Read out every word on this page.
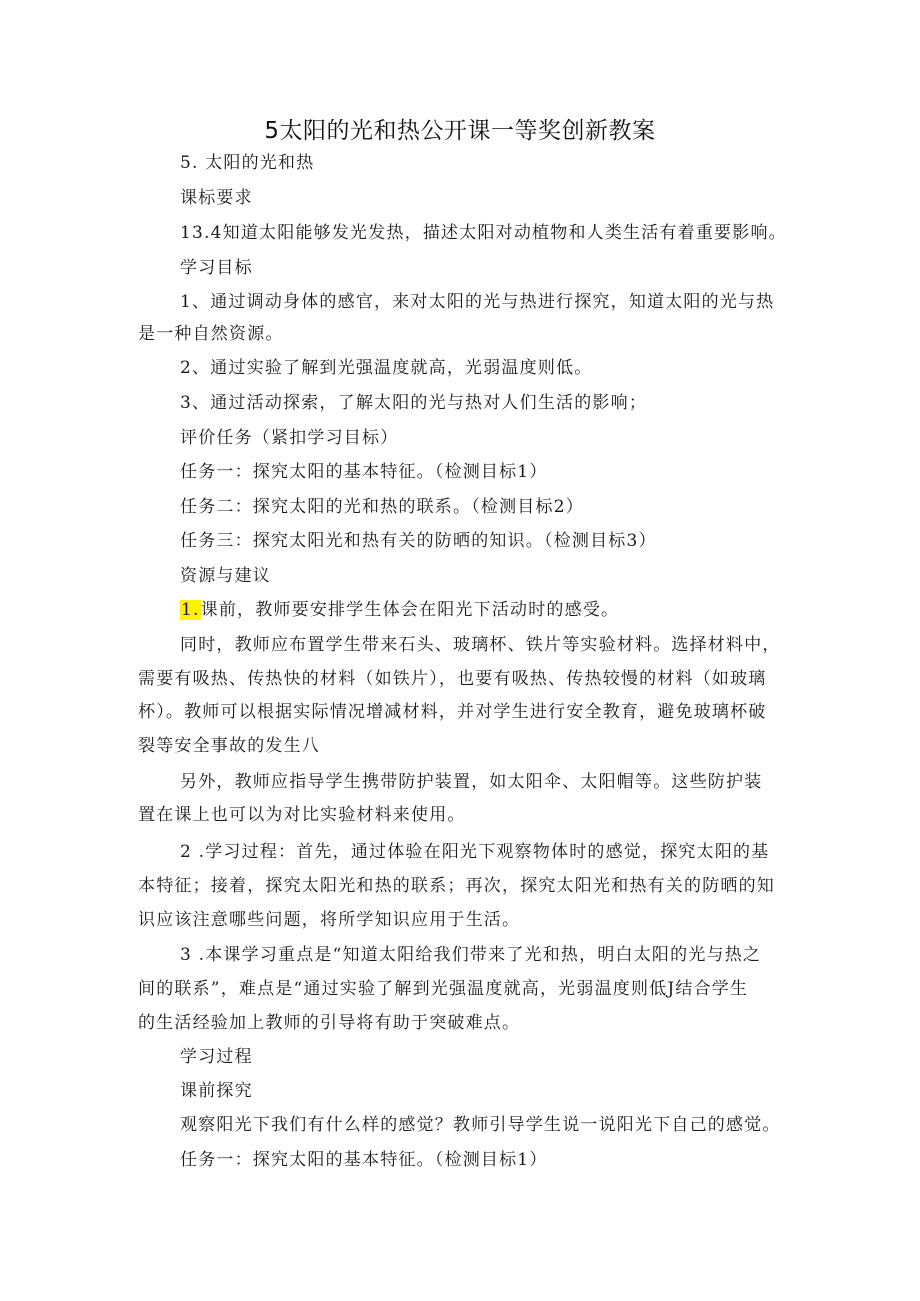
5太阳的光和热公开课一等奖创新教案
5. 太阳的光和热
课标要求
13.4知道太阳能够发光发热，描述太阳对动植物和人类生活有着重要影响。
学习目标
1、通过调动身体的感官，来对太阳的光与热进行探究，知道太阳的光与热
是一种自然资源。
2、通过实验了解到光强温度就高，光弱温度则低。
3、通过活动探索，了解太阳的光与热对人们生活的影响；
评价任务（紧扣学习目标）
任务一：探究太阳的基本特征。（检测目标1）
任务二：探究太阳的光和热的联系。（检测目标2）
任务三：探究太阳光和热有关的防晒的知识。（检测目标3）
资源与建议
1.课前，教师要安排学生体会在阳光下活动时的感受。
同时，教师应布置学生带来石头、玻璃杯、铁片等实验材料。选择材料中，
需要有吸热、传热快的材料（如铁片），也要有吸热、传热较慢的材料（如玻璃
杯）。教师可以根据实际情况增减材料，并对学生进行安全教育，避免玻璃杯破
裂等安全事故的发生八
另外，教师应指导学生携带防护装置，如太阳伞、太阳帽等。这些防护装
置在课上也可以为对比实验材料来使用。
2 .学习过程：首先，通过体验在阳光下观察物体时的感觉，探究太阳的基
本特征；接着，探究太阳光和热的联系；再次，探究太阳光和热有关的防晒的知
识应该注意哪些问题，将所学知识应用于生活。
3 .本课学习重点是“知道太阳给我们带来了光和热，明白太阳的光与热之
间的联系”，难点是“通过实验了解到光强温度就高，光弱温度则低J结合学生
的生活经验加上教师的引导将有助于突破难点。
学习过程
课前探究
观察阳光下我们有什么样的感觉？教师引导学生说一说阳光下自己的感觉。
任务一：探究太阳的基本特征。（检测目标1）
